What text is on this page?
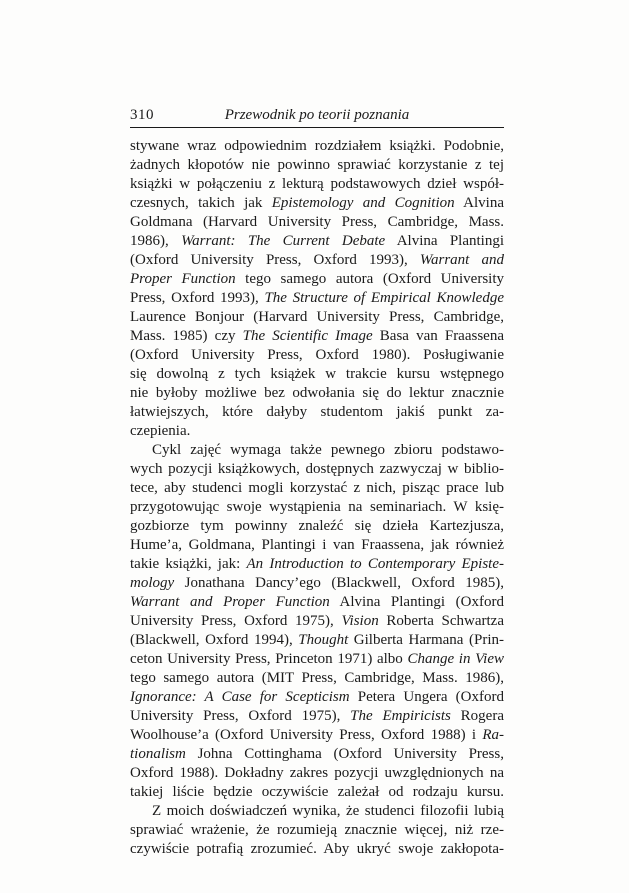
310	Przewodnik po teorii poznania
stywane wraz odpowiednim rozdziałem książki. Podobnie,
żadnych kłopotów nie powinno sprawiać korzystanie z tej
książki w połączeniu z lekturą podstawowych dzieł współ-
czesnych, takich jak Epistemology and Cognition Alvina
Goldmana (Harvard University Press, Cambridge, Mass.
1986), Warrant: The Current Debate Alvina Plantingi
(Oxford University Press, Oxford 1993), Warrant and
Proper Function tego samego autora (Oxford University
Press, Oxford 1993), The Structure of Empirical Knowledge
Laurence Bonjour (Harvard University Press, Cambridge,
Mass. 1985) czy The Scientific Image Basa van Fraassena
(Oxford University Press, Oxford 1980). Posługiwanie
się dowolną z tych książek w trakcie kursu wstępnego
nie byłoby możliwe bez odwołania się do lektur znacznie
łatwiejszych, które dałyby studentom jakiś punkt za-
czepienia.
Cykl zajęć wymaga także pewnego zbioru podstawo-
wych pozycji książkowych, dostępnych zazwyczaj w biblio-
tece, aby studenci mogli korzystać z nich, pisząc prace lub
przygotowując swoje wystąpienia na seminariach. W księ-
gozbiorze tym powinny znaleźć się dzieła Kartezjusza,
Hume’a, Goldmana, Plantingi i van Fraassena, jak również
takie książki, jak: An Introduction to Contemporary Episte-
mology Jonathana Dancy’ego (Blackwell, Oxford 1985),
Warrant and Proper Function Alvina Plantingi (Oxford
University Press, Oxford 1975), Vision Roberta Schwartza
(Blackwell, Oxford 1994), Thought Gilberta Harmana (Prin-
ceton University Press, Princeton 1971) albo Change in View
tego samego autora (MIT Press, Cambridge, Mass. 1986),
Ignorance: A Case for Scepticism Petera Ungera (Oxford
University Press, Oxford 1975), The Empiricists Rogera
Woolhouse’a (Oxford University Press, Oxford 1988) i Ra-
tionalism Johna Cottinghama (Oxford University Press,
Oxford 1988). Dokładny zakres pozycji uwzględnionych na
takiej liście będzie oczywiście zależał od rodzaju kursu.
Z moich doświadczeń wynika, że studenci filozofii lubią
sprawiać wrażenie, że rozumieją znacznie więcej, niż rze-
czywiście potrafią zrozumieć. Aby ukryć swoje zakłopota-
